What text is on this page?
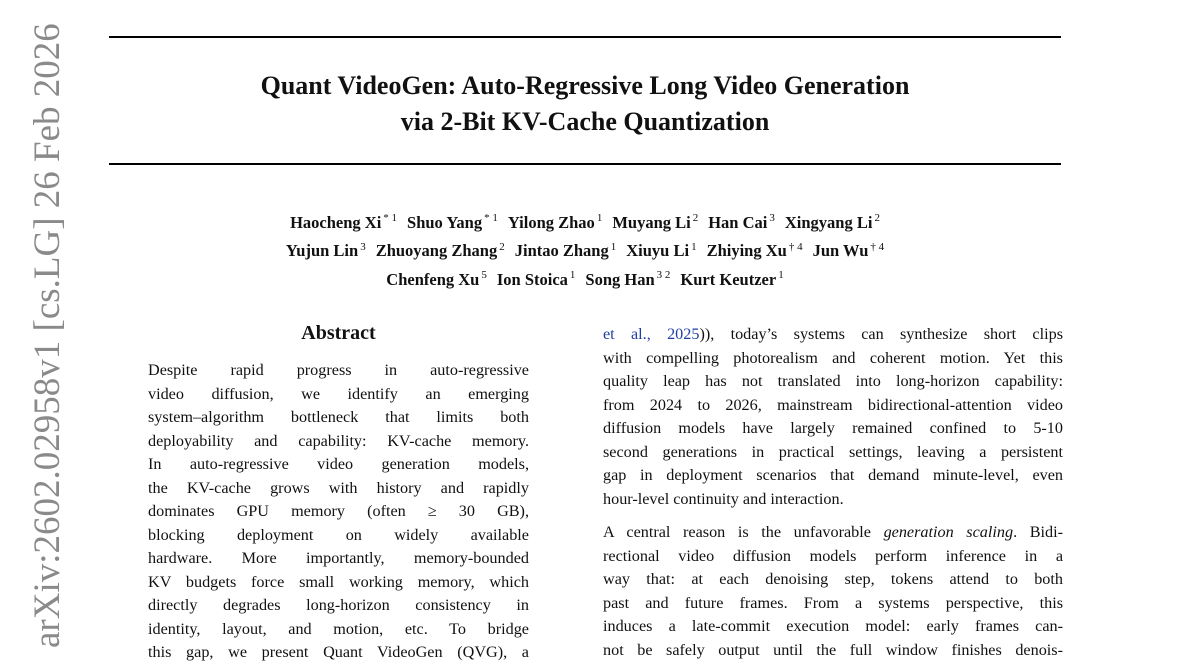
Quant VideoGen: Auto-Regressive Long Video Generation
via 2-Bit KV-Cache Quantization
Haocheng Xi $^{* 1}$ Shuo Yang $^{* 1}$ Yilong Zhao $^1$ Muyang Li $^2$ Han Cai $^3$ Xingyang Li $^2$
Yujun Lin $^3$ Zhuoyang Zhang $^2$ Jintao Zhang $^1$ Xiuyu Li $^1$ Zhiying Xu $^{\dagger 4}$ Jun Wu $^{\dagger 4}$
Chenfeng Xu $^5$ Ion Stoica $^1$ Song Han $^{3 2}$ Kurt Keutzer $^1$
arXiv:2602.02958v1 [cs.LG] 26 Feb 2026	Abstract
Despite rapid progress in auto-regressive
video diffusion, we identify an emerging
system–algorithm bottleneck that limits both
deployability and capability: KV-cache memory.
In auto-regressive video generation models,
the KV-cache grows with history and rapidly
dominates GPU memory (often ≥ 30 GB),
blocking deployment on widely available
hardware. More importantly, memory-bounded
KV budgets force small working memory, which
directly degrades long-horizon consistency in
identity, layout, and motion, etc. To bridge
this gap, we present Quant VideoGen (QVG), a
et al., 2025)), today’s systems can synthesize short clips
with compelling photorealism and coherent motion. Yet this
quality leap has not translated into long-horizon capability:
from 2024 to 2026, mainstream bidirectional-attention video
diffusion models have largely remained confined to 5-10
second generations in practical settings, leaving a persistent
gap in deployment scenarios that demand minute-level, even
hour-level continuity and interaction.
A central reason is the unfavorable generation scaling. Bidi-
rectional video diffusion models perform inference in a
way that: at each denoising step, tokens attend to both
past and future frames. From a systems perspective, this
induces a late-commit execution model: early frames can-
not be safely output until the full window finishes denois-
